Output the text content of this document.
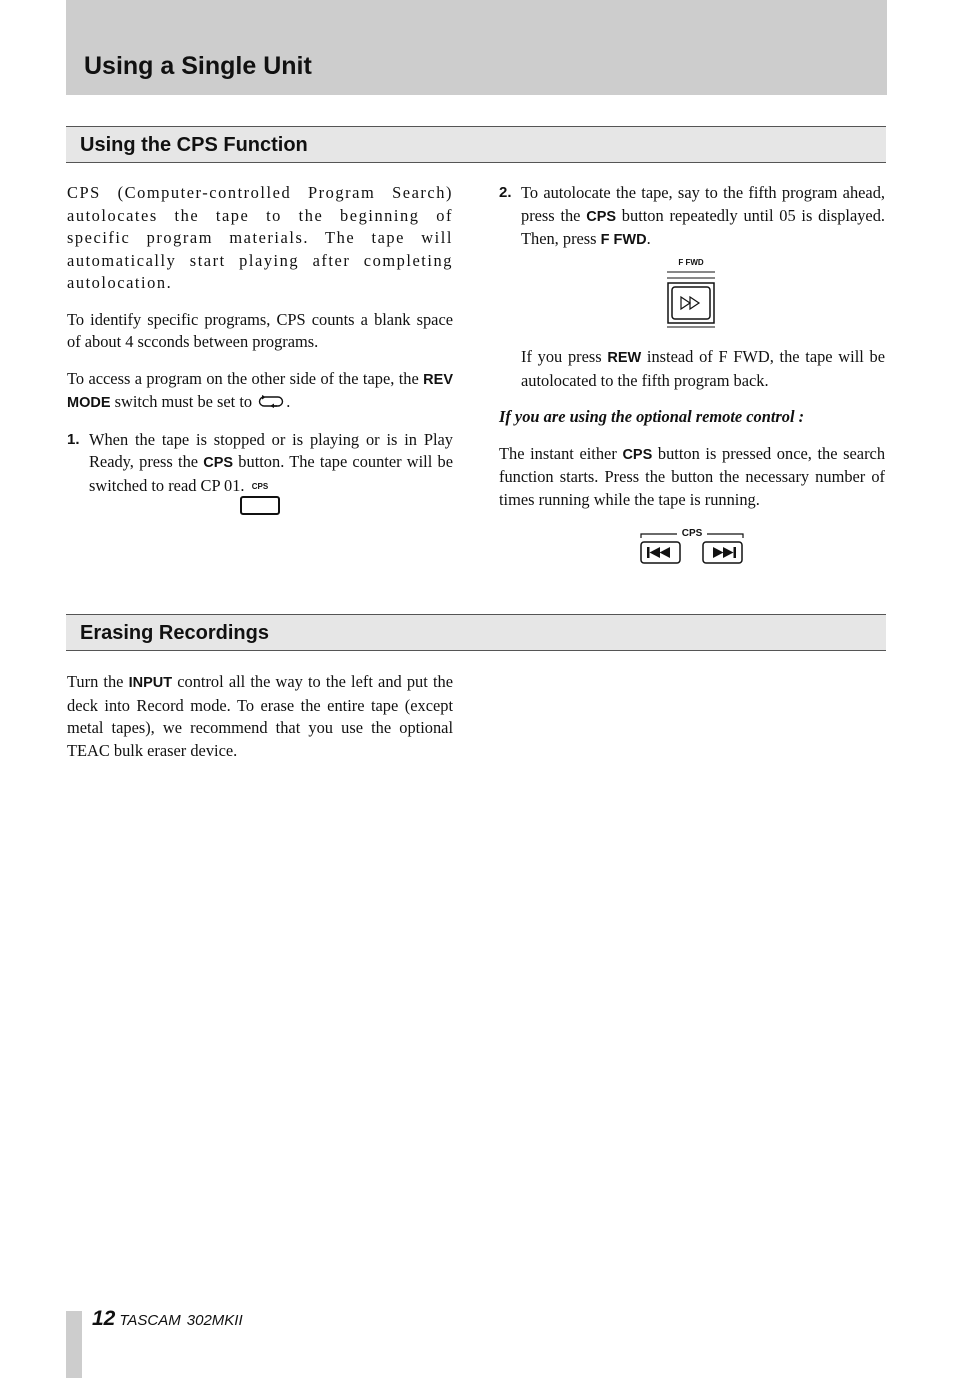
Using a Single Unit
Using the CPS Function

CPS (Computer-controlled Program Search) autolocates the tape to the beginning of specific program materials. The tape will automatically start playing after completing autolocation.

To identify specific programs, CPS counts a blank space of about 4 scconds between programs.

To access a program on the other side of the tape, the REV MODE switch must be set to .

1. When the tape is stopped or is playing or is in Play Ready, press the CPS button. The tape counter will be switched to read CP 01. CPS

2. To autolocate the tape, say to the fifth program ahead, press the CPS button repeatedly until 05 is displayed. Then, press F FWD.

F FWD

If you press REW instead of F FWD, the tape will be autolocated to the fifth program back.

If you are using the optional remote control :

The instant either CPS button is pressed once, the search function starts. Press the button the necessary number of times running while the tape is running.

CPS
Erasing Recordings

Turn the INPUT control all the way to the left and put the deck into Record mode. To erase the entire tape (except metal tapes), we recommend that you use the optional TEAC bulk eraser device.

12 TASCAM 302MKII
